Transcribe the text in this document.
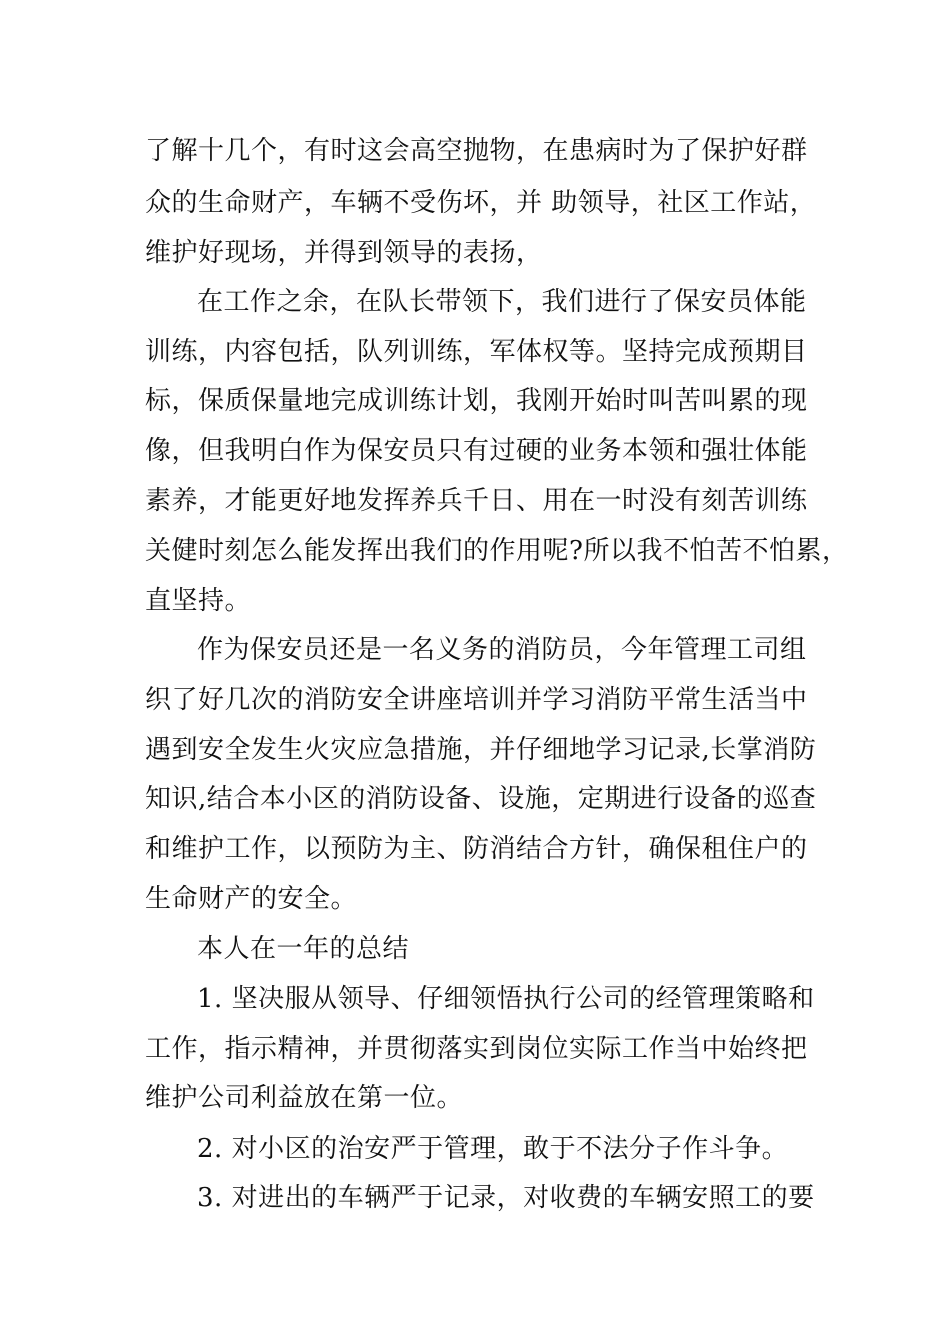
了解十几个，有时这会高空抛物，在患病时为了保护好群
众的生命财产，车辆不受伤坏，并 助领导，社区工作站，
维护好现场，并得到领导的表扬，
在工作之余，在队长带领下，我们进行了保安员体能
训练，内容包括，队列训练，军体权等。坚持完成预期目
标，保质保量地完成训练计划，我刚开始时叫苦叫累的现
像，但我明白作为保安员只有过硬的业务本领和强壮体能
素养，才能更好地发挥养兵千日、用在一时没有刻苦训练
关健时刻怎么能发挥出我们的作用呢?所以我不怕苦不怕累，
直坚持。
作为保安员还是一名义务的消防员，今年管理工司组
织了好几次的消防安全讲座培训并学习消防平常生活当中
遇到安全发生火灾应急措施，并仔细地学习记录,长掌消防
知识,结合本小区的消防设备、设施，定期进行设备的巡查
和维护工作，以预防为主、防消结合方针，确保租住户的
生命财产的安全。
本人在一年的总结
1. 坚决服从领导、仔细领悟执行公司的经管理策略和
工作，指示精神，并贯彻落实到岗位实际工作当中始终把
维护公司利益放在第一位。
2. 对小区的治安严于管理，敢于不法分子作斗争。
3. 对进出的车辆严于记录，对收费的车辆安照工的要
